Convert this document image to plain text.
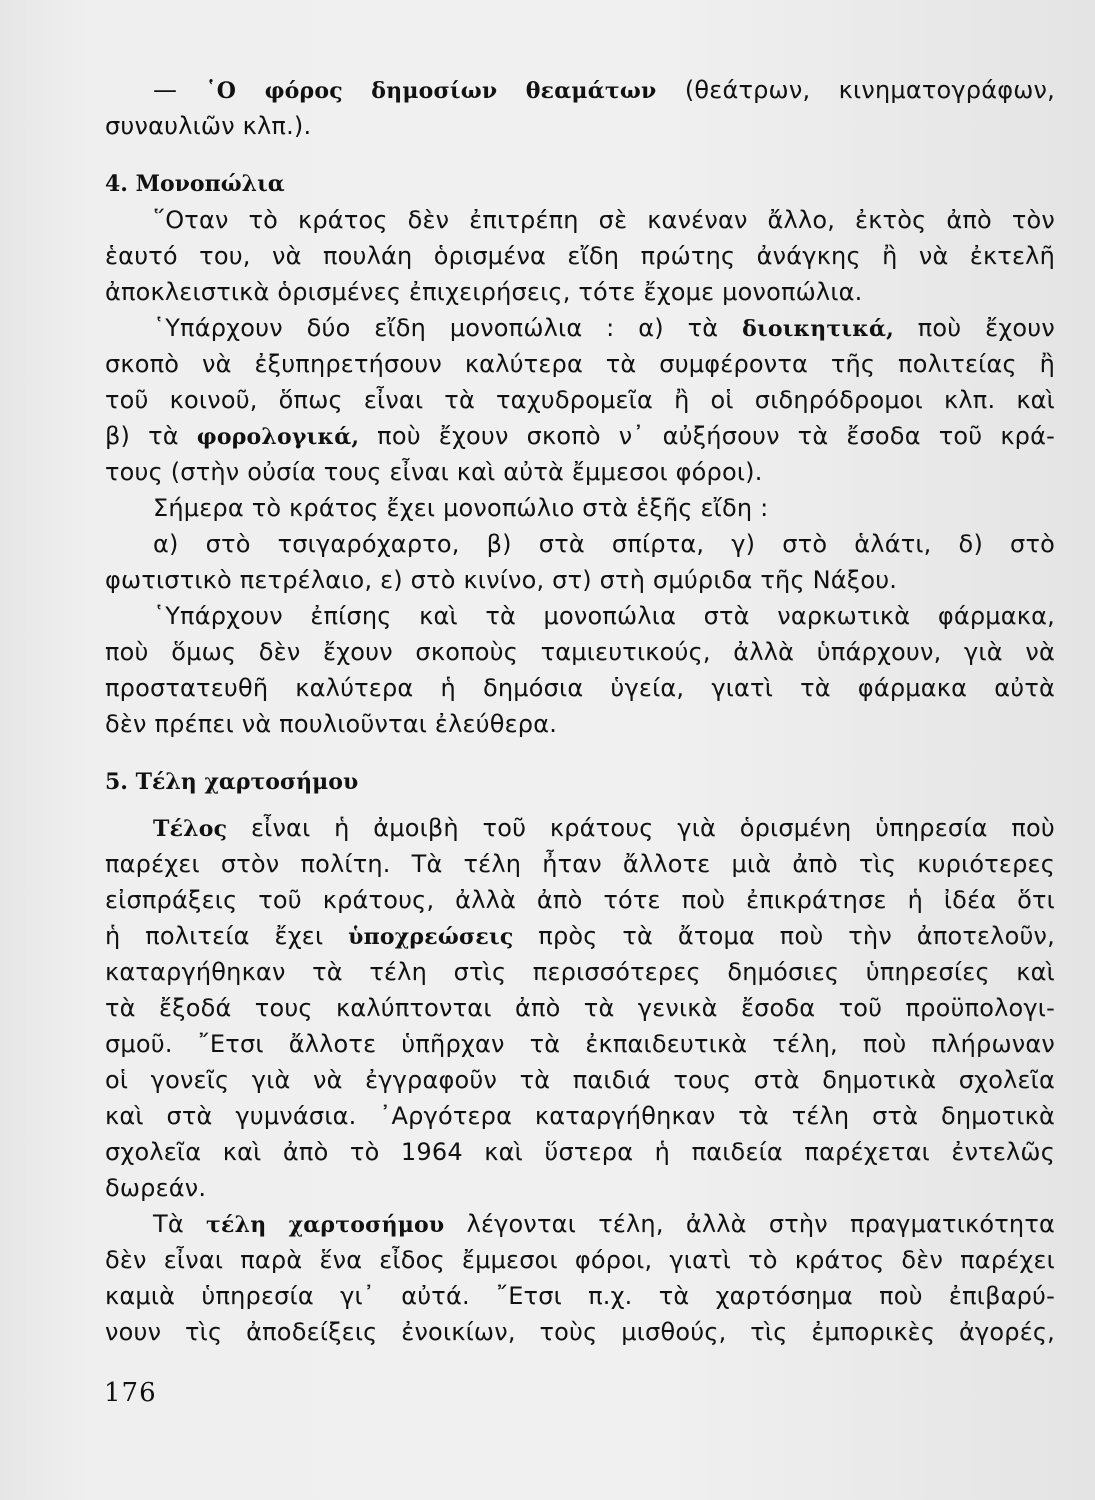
— ῾Ο φόρος δημοσίων θεαμάτων (θεάτρων, κινηματογράφων,
συναυλιῶν κλπ.).
4. Μονοπώλια
῞Οταν τὸ κράτος δὲν ἐπιτρέπη σὲ κανέναν ἄλλο, ἐκτὸς ἀπὸ τὸν
ἑαυτό του, νὰ πουλάη ὁρισμένα εἴδη πρώτης ἀνάγκης ἢ νὰ ἐκτελῆ
ἀποκλειστικὰ ὁρισμένες ἐπιχειρήσεις, τότε ἔχομε μονοπώλια.
῾Υπάρχουν δύο εἴδη μονοπώλια : α) τὰ διοικητικά, ποὺ ἔχουν
σκοπὸ νὰ ἐξυπηρετήσουν καλύτερα τὰ συμφέροντα τῆς πολιτείας ἢ
τοῦ κοινοῦ, ὅπως εἶναι τὰ ταχυδρομεῖα ἢ οἱ σιδηρόδρομοι κλπ. καὶ
β) τὰ φορολογικά, ποὺ ἔχουν σκοπὸ ν᾿ αὐξήσουν τὰ ἔσοδα τοῦ κρά-
τους (στὴν οὐσία τους εἶναι καὶ αὐτὰ ἔμμεσοι φόροι).
Σήμερα τὸ κράτος ἔχει μονοπώλιο στὰ ἑξῆς εἴδη :
α) στὸ τσιγαρόχαρτο, β) στὰ σπίρτα, γ) στὸ ἁλάτι, δ) στὸ
φωτιστικὸ πετρέλαιο, ε) στὸ κινίνο, στ) στὴ σμύριδα τῆς Νάξου.
῾Υπάρχουν ἐπίσης καὶ τὰ μονοπώλια στὰ ναρκωτικὰ φάρμακα,
ποὺ ὅμως δὲν ἔχουν σκοποὺς ταμιευτικούς, ἀλλὰ ὑπάρχουν, γιὰ νὰ
προστατευθῆ καλύτερα ἡ δημόσια ὑγεία, γιατὶ τὰ φάρμακα αὐτὰ
δὲν πρέπει νὰ πουλιοῦνται ἐλεύθερα.
5. Τέλη χαρτοσήμου
Τέλος εἶναι ἡ ἀμοιβὴ τοῦ κράτους γιὰ ὁρισμένη ὑπηρεσία ποὺ
παρέχει στὸν πολίτη. Τὰ τέλη ἦταν ἄλλοτε μιὰ ἀπὸ τὶς κυριότερες
εἰσπράξεις τοῦ κράτους, ἀλλὰ ἀπὸ τότε ποὺ ἐπικράτησε ἡ ἰδέα ὅτι
ἡ πολιτεία ἔχει ὑποχρεώσεις πρὸς τὰ ἄτομα ποὺ τὴν ἀποτελοῦν,
καταργήθηκαν τὰ τέλη στὶς περισσότερες δημόσιες ὑπηρεσίες καὶ
τὰ ἔξοδά τους καλύπτονται ἀπὸ τὰ γενικὰ ἔσοδα τοῦ προϋπολογι-
σμοῦ. ῎Ετσι ἄλλοτε ὑπῆρχαν τὰ ἐκπαιδευτικὰ τέλη, ποὺ πλήρωναν
οἱ γονεῖς γιὰ νὰ ἐγγραφοῦν τὰ παιδιά τους στὰ δημοτικὰ σχολεῖα
καὶ στὰ γυμνάσια. ᾿Αργότερα καταργήθηκαν τὰ τέλη στὰ δημοτικὰ
σχολεῖα καὶ ἀπὸ τὸ 1964 καὶ ὕστερα ἡ παιδεία παρέχεται ἐντελῶς
δωρεάν.
Τὰ τέλη χαρτοσήμου λέγονται τέλη, ἀλλὰ στὴν πραγματικότητα
δὲν εἶναι παρὰ ἕνα εἶδος ἔμμεσοι φόροι, γιατὶ τὸ κράτος δὲν παρέχει
καμιὰ ὑπηρεσία γι᾿ αὐτά. ῎Ετσι π.χ. τὰ χαρτόσημα ποὺ ἐπιβαρύ-
νουν τὶς ἀποδείξεις ἐνοικίων, τοὺς μισθούς, τὶς ἐμπορικὲς ἀγορές,
176
